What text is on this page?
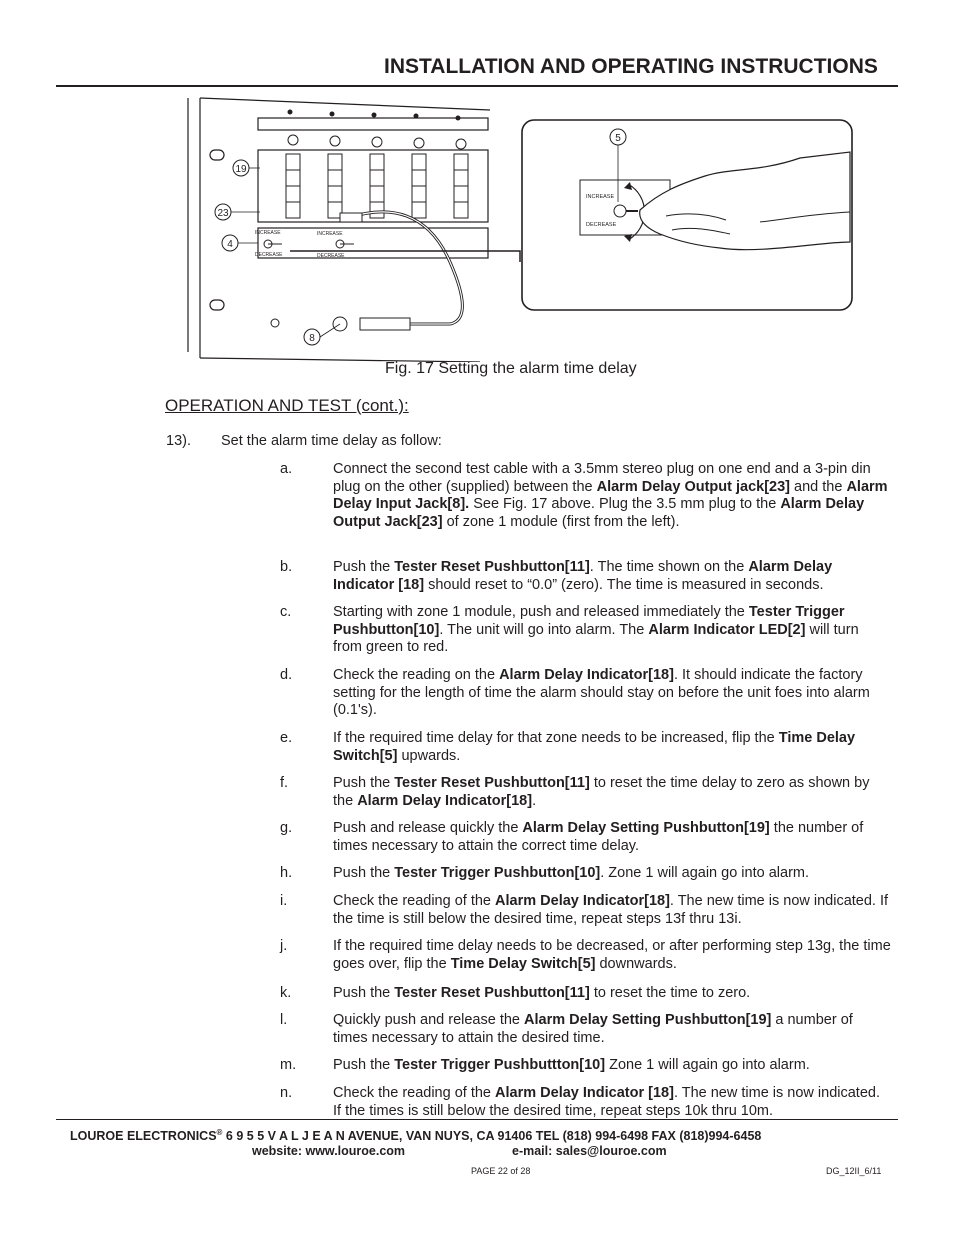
INSTALLATION AND OPERATING INSTRUCTIONS
INCREASE
DECREASE
INCREASE
DECREASE
INCREASE
DECREASE
19
23
4
8
5
Fig. 17 Setting the alarm time delay
OPERATION AND TEST (cont.):
13). Set the alarm time delay as follow:
a.	Connect the second test cable with a 3.5mm stereo plug on one end and a 3-pin din plug on the other (supplied) between the Alarm Delay Output jack[23] and the Alarm Delay Input Jack[8]. See Fig. 17 above. Plug the 3.5 mm plug to the Alarm Delay Output Jack[23] of zone 1 module (first from the left).
b.	Push the Tester Reset Pushbutton[11]. The time shown on the Alarm Delay Indicator [18] should reset to “0.0” (zero). The time is measured in seconds.
c.	Starting with zone 1 module, push and released immediately the Tester Trigger Pushbutton[10]. The unit will go into alarm. The Alarm Indicator LED[2] will turn from green to red.
d.	Check the reading on the Alarm Delay Indicator[18]. It should indicate the factory setting for the length of time the alarm should stay on before the unit foes into alarm (0.1's).
e.	If the required time delay for that zone needs to be increased, flip the Time Delay Switch[5] upwards.
f.	Push the Tester Reset Pushbutton[11] to reset the time delay to zero as shown by the Alarm Delay Indicator[18].
g.	Push and release quickly the Alarm Delay Setting Pushbutton[19] the number of times necessary to attain the correct time delay.
h.	Push the Tester Trigger Pushbutton[10]. Zone 1 will again go into alarm.
i.	Check the reading of the Alarm Delay Indicator[18]. The new time is now indicated. If the time is still below the desired time, repeat steps 13f thru 13i.
j.	If the required time delay needs to be decreased, or after performing step 13g, the time goes over, flip the Time Delay Switch[5] downwards.
k.	Push the Tester Reset Pushbutton[11] to reset the time to zero.
l.	Quickly push and release the Alarm Delay Setting Pushbutton[19] a number of times necessary to attain the desired time.
m.	Push the Tester Trigger Pushbuttton[10] Zone 1 will again go into alarm.
n.	Check the reading of the Alarm Delay Indicator [18]. The new time is now indicated. If the times is still below the desired time, repeat steps 10k thru 10m.
LOUROE ELECTRONICS® 6 9 5 5 V A L J E A N AVENUE, VAN NUYS, CA 91406 TEL (818) 994-6498 FAX (818)994-6458
website: www.louroe.com	e-mail: sales@louroe.com
PAGE 22 of 28	DG_12II_6/11
